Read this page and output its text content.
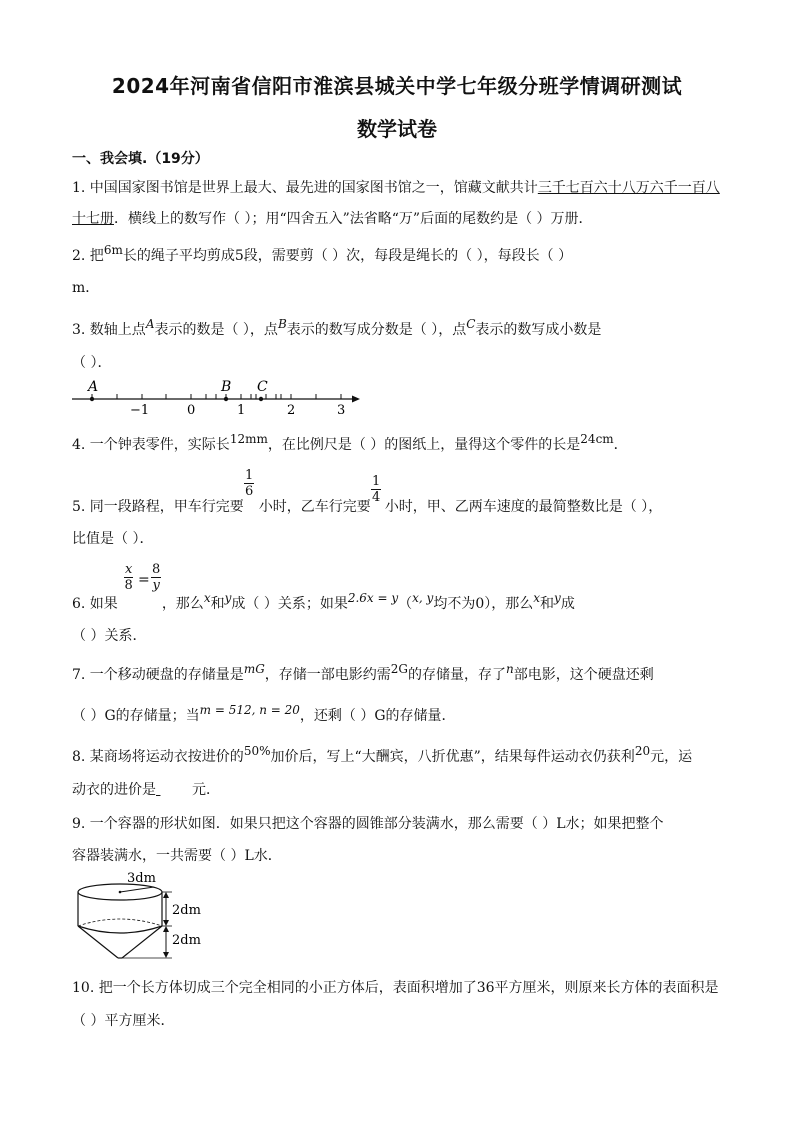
2024年河南省信阳市淮滨县城关中学七年级分班学情调研测试
数学试卷
一、我会填.（19分）
1. 中国国家图书馆是世界上最大、最先进的国家图书馆之一，馆藏文献共计三千七百六十八万六千一百八
十七册．横线上的数写作（ ）；用“四舍五入”法省略“万”后面的尾数约是（ ）万册．
2. 把6m长的绳子平均剪成5段，需要剪（ ）次，每段是绳长的（ ），每段长（ ）
m．
3. 数轴上点A表示的数是（ ），点B表示的数写成分数是（ ），点C表示的数写成小数是
（ ）．
A	B C
−1	0	1	2	3
4. 一个钟表零件，实际长12mm，在比例尺是（ ）的图纸上，量得这个零件的长是24cm．
$\frac{1}{6}$	$\frac{1}{4}$
5. 同一段路程，甲车行完要 小时，乙车行完要 小时，甲、乙两车速度的最简整数比是（ ），
比值是（ ）．
$\frac{x}{8} = \frac{8}{y}$
6. 如果	，那么x和y成（ ）关系；如果2.6x = y（x, y均不为0），那么x和y成
（ ）关系．
7. 一个移动硬盘的存储量是mG，存储一部电影约需2G的存储量，存了n部电影，这个硬盘还剩
（ ）G的存储量；当m = 512, n = 20，还剩（ ）G的存储量．
8. 某商场将运动衣按进价的50%加价后，写上“大酬宾，八折优惠”，结果每件运动衣仍获利20元，运
动衣的进价是	元．
9. 一个容器的形状如图．如果只把这个容器的圆锥部分装满水，那么需要（ ）L水；如果把整个
容器装满水，一共需要（ ）L水．
3dm
2dm
2dm
10. 把一个长方体切成三个完全相同的小正方体后，表面积增加了36平方厘米，则原来长方体的表面积是
（ ）平方厘米．
